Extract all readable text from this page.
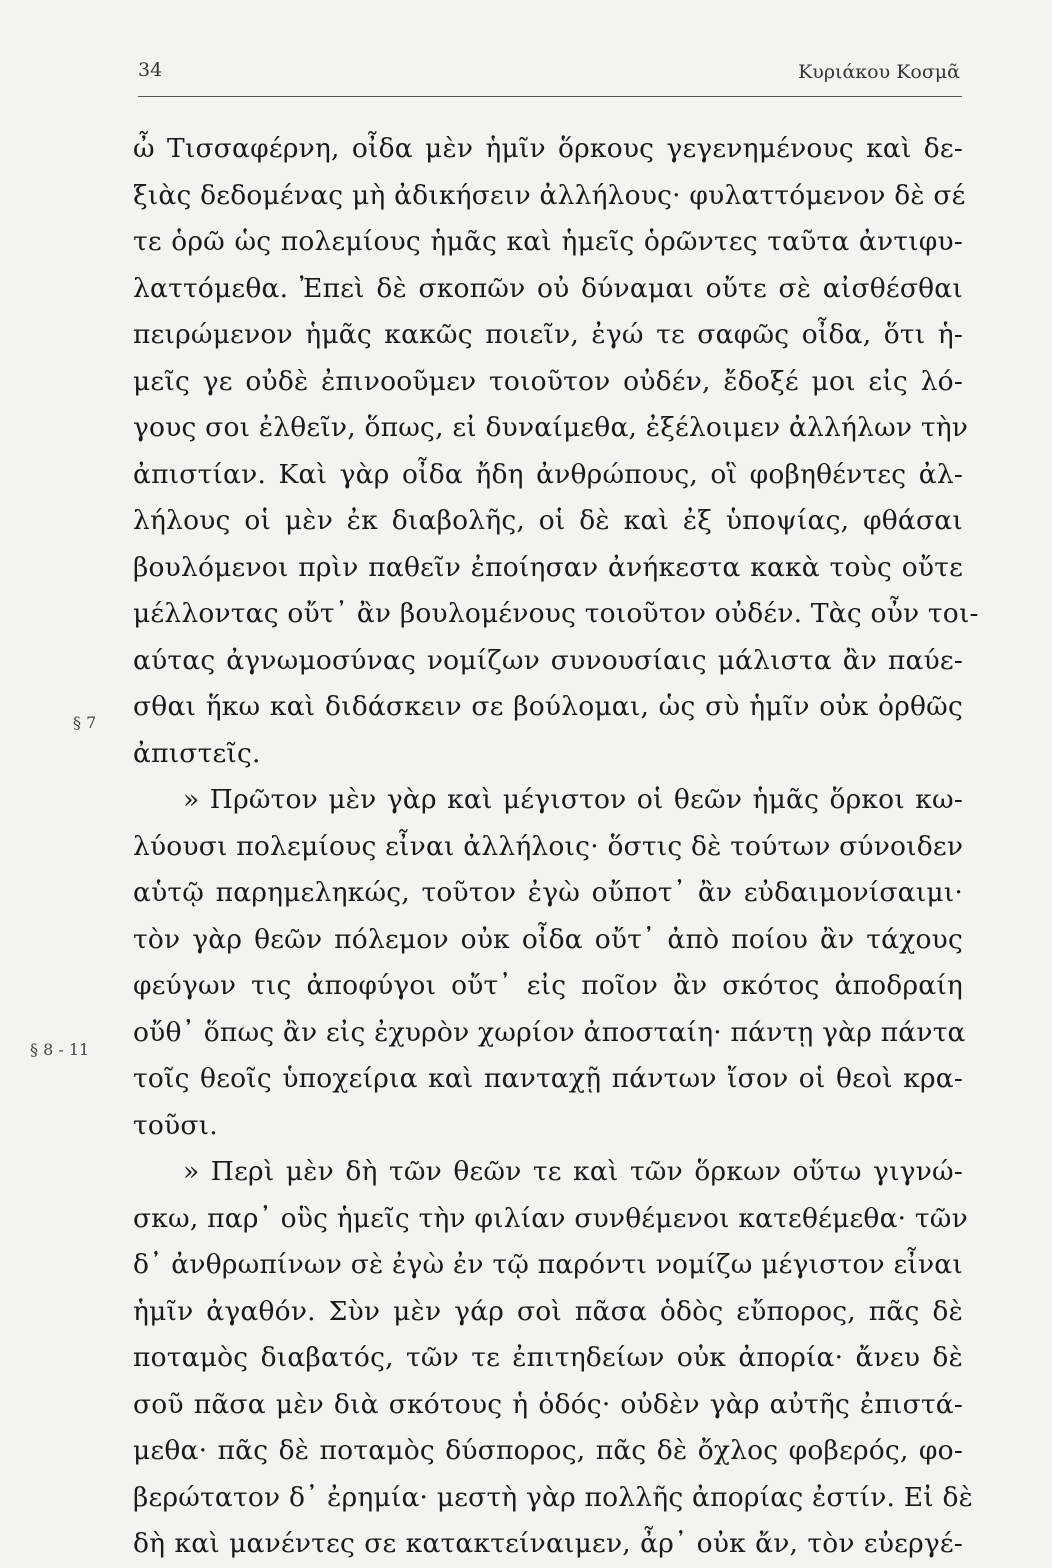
34	Κυριάκου Κοσμᾶ
§ 7
§ 8 - 11
ὦ Τισσαφέρνη, οἶδα μὲν ἡμῖν ὅρκους γεγενημένους καὶ δε-
ξιὰς δεδομένας μὴ ἀδικήσειν ἀλλήλους· φυλαττόμενον δὲ σέ
τε ὁρῶ ὡς πολεμίους ἡμᾶς καὶ ἡμεῖς ὁρῶντες ταῦτα ἀντιφυ-
λαττόμεθα. Ἐπεὶ δὲ σκοπῶν οὐ δύναμαι οὔτε σὲ αἰσθέσθαι
πειρώμενον ἡμᾶς κακῶς ποιεῖν, ἐγώ τε σαφῶς οἶδα, ὅτι ἡ-
μεῖς γε οὐδὲ ἐπινοοῦμεν τοιοῦτον οὐδέν, ἔδοξέ μοι εἰς λό-
γους σοι ἐλθεῖν, ὅπως, εἰ δυναίμεθα, ἐξέλοιμεν ἀλλήλων τὴν
ἀπιστίαν. Καὶ γὰρ οἶδα ἤδη ἀνθρώπους, οἳ φοβηθέντες ἀλ-
λήλους οἱ μὲν ἐκ διαβολῆς, οἱ δὲ καὶ ἐξ ὑποψίας, φθάσαι
βουλόμενοι πρὶν παθεῖν ἐποίησαν ἀνήκεστα κακὰ τοὺς οὔτε
μέλλοντας οὔτ᾽ ἂν βουλομένους τοιοῦτον οὐδέν. Τὰς οὖν τοι-
αύτας ἀγνωμοσύνας νομίζων συνουσίαις μάλιστα ἂν παύε-
σθαι ἥκω καὶ διδάσκειν σε βούλομαι, ὡς σὺ ἡμῖν οὐκ ὀρθῶς
ἀπιστεῖς.
» Πρῶτον μὲν γὰρ καὶ μέγιστον οἱ θεῶν ἡμᾶς ὅρκοι κω-
λύουσι πολεμίους εἶναι ἀλλήλοις· ὅστις δὲ τούτων σύνοιδεν
αὑτῷ παρημεληκώς, τοῦτον ἐγὼ οὔποτ᾽ ἂν εὐδαιμονίσαιμι·
τὸν γὰρ θεῶν πόλεμον οὐκ οἶδα οὔτ᾽ ἀπὸ ποίου ἂν τάχους
φεύγων τις ἀποφύγοι οὔτ᾽ εἰς ποῖον ἂν σκότος ἀποδραίη
οὔθ᾽ ὅπως ἂν εἰς ἐχυρὸν χωρίον ἀποσταίη· πάντῃ γὰρ πάντα
τοῖς θεοῖς ὑποχείρια καὶ πανταχῇ πάντων ἴσον οἱ θεοὶ κρα-
τοῦσι.
» Περὶ μὲν δὴ τῶν θεῶν τε καὶ τῶν ὅρκων οὕτω γιγνώ-
σκω, παρ᾽ οὓς ἡμεῖς τὴν φιλίαν συνθέμενοι κατεθέμεθα· τῶν
δ᾽ ἀνθρωπίνων σὲ ἐγὼ ἐν τῷ παρόντι νομίζω μέγιστον εἶναι
ἡμῖν ἀγαθόν. Σὺν μὲν γάρ σοὶ πᾶσα ὁδὸς εὔπορος, πᾶς δὲ
ποταμὸς διαβατός, τῶν τε ἐπιτηδείων οὐκ ἀπορία· ἄνευ δὲ
σοῦ πᾶσα μὲν διὰ σκότους ἡ ὁδός· οὐδὲν γὰρ αὐτῆς ἐπιστά-
μεθα· πᾶς δὲ ποταμὸς δύσπορος, πᾶς δὲ ὄχλος φοβερός, φο-
βερώτατον δ᾽ ἐρημία· μεστὴ γὰρ πολλῆς ἀπορίας ἐστίν. Εἰ δὲ
δὴ καὶ μανέντες σε κατακτείναιμεν, ἆρ᾽ οὐκ ἄν, τὸν εὐεργέ-
